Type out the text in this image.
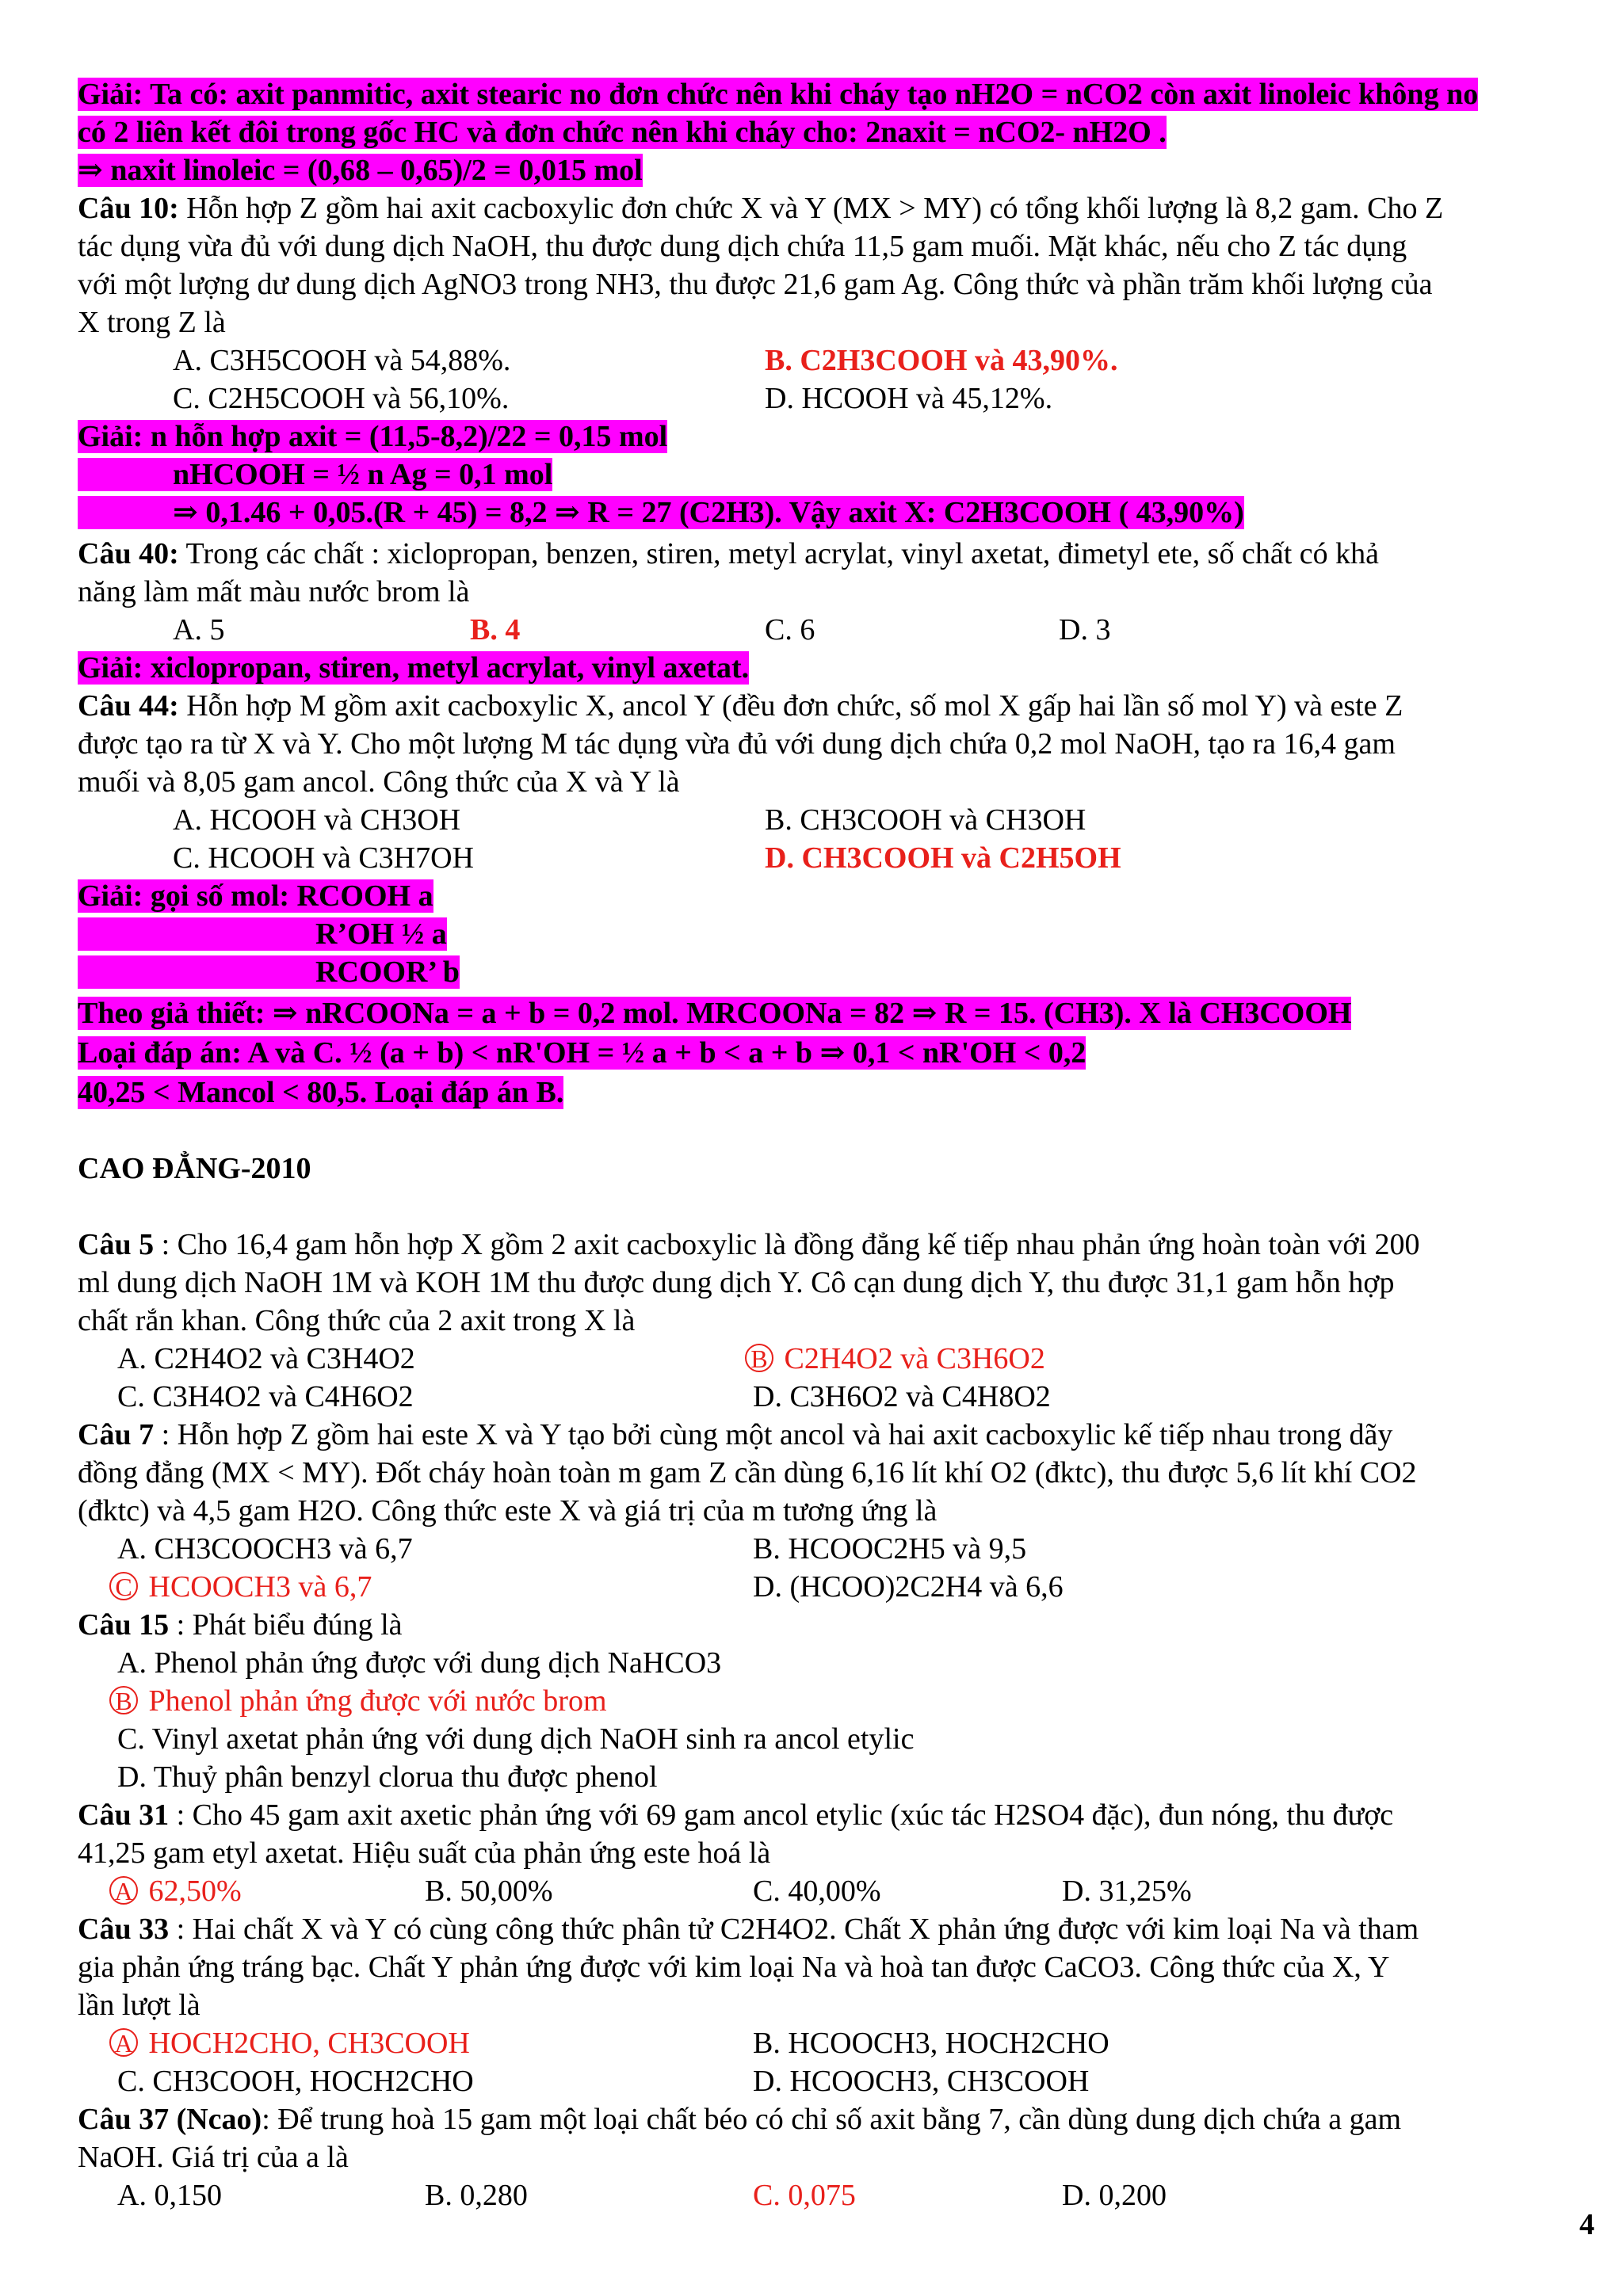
Giải: Ta có: axit panmitic, axit stearic no đơn chức nên khi cháy tạo nH2O = nCO2 còn axit linoleic không no
có 2 liên kết đôi trong gốc HC và đơn chức nên khi cháy cho: 2naxit = nCO2- nH2O .
⇒ naxit linoleic = (0,68 – 0,65)/2 = 0,015 mol
Câu 10: Hỗn hợp Z gồm hai axit cacboxylic đơn chức X và Y (MX > MY) có tổng khối lượng là 8,2 gam. Cho Z
tác dụng vừa đủ với dung dịch NaOH, thu được dung dịch chứa 11,5 gam muối. Mặt khác, nếu cho Z tác dụng
với một lượng dư dung dịch AgNO3 trong NH3, thu được 21,6 gam Ag. Công thức và phần trăm khối lượng của
X trong Z là
A. C3H5COOH và 54,88%.	B. C2H3COOH và 43,90%.
C. C2H5COOH và 56,10%.	D. HCOOH và 45,12%.
Giải: n hỗn hợp axit = (11,5-8,2)/22 = 0,15 mol
nHCOOH = ½ n Ag = 0,1 mol
⇒ 0,1.46 + 0,05.(R + 45) = 8,2 ⇒ R = 27 (C2H3). Vậy axit X: C2H3COOH ( 43,90%)
Câu 40: Trong các chất : xiclopropan, benzen, stiren, metyl acrylat, vinyl axetat, đimetyl ete, số chất có khả
năng làm mất màu nước brom là
A. 5	B. 4	C. 6	D. 3
Giải: xiclopropan, stiren, metyl acrylat, vinyl axetat.
Câu 44: Hỗn hợp M gồm axit cacboxylic X, ancol Y (đều đơn chức, số mol X gấp hai lần số mol Y) và este Z
được tạo ra từ X và Y. Cho một lượng M tác dụng vừa đủ với dung dịch chứa 0,2 mol NaOH, tạo ra 16,4 gam
muối và 8,05 gam ancol. Công thức của X và Y là
A. HCOOH và CH3OH	B. CH3COOH và CH3OH
C. HCOOH và C3H7OH	D. CH3COOH và C2H5OH
Giải: gọi số mol: RCOOH a
R’OH ½ a
RCOOR’ b
Theo giả thiết: ⇒ nRCOONa = a + b = 0,2 mol. MRCOONa = 82 ⇒ R = 15. (CH3). X là CH3COOH
Loại đáp án: A và C. ½ (a + b) < nR'OH = ½ a + b < a + b ⇒ 0,1 < nR'OH < 0,2
40,25 < Mancol < 80,5. Loại đáp án B.
CAO ĐẲNG-2010
Câu 5 : Cho 16,4 gam hỗn hợp X gồm 2 axit cacboxylic là đồng đẳng kế tiếp nhau phản ứng hoàn toàn với 200
ml dung dịch NaOH 1M và KOH 1M thu được dung dịch Y. Cô cạn dung dịch Y, thu được 31,1 gam hỗn hợp
chất rắn khan. Công thức của 2 axit trong X là
A. C2H4O2 và C3H4O2	B C2H4O2 và C3H6O2
C. C3H4O2 và C4H6O2	D. C3H6O2 và C4H8O2
Câu 7 : Hỗn hợp Z gồm hai este X và Y tạo bởi cùng một ancol và hai axit cacboxylic kế tiếp nhau trong dãy
đồng đẳng (MX < MY). Đốt cháy hoàn toàn m gam Z cần dùng 6,16 lít khí O2 (đktc), thu được 5,6 lít khí CO2
(đktc) và 4,5 gam H2O. Công thức este X và giá trị của m tương ứng là
A. CH3COOCH3 và 6,7	B. HCOOC2H5 và 9,5
C HCOOCH3 và 6,7	D. (HCOO)2C2H4 và 6,6
Câu 15 : Phát biểu đúng là
A. Phenol phản ứng được với dung dịch NaHCO3
B Phenol phản ứng được với nước brom
C. Vinyl axetat phản ứng với dung dịch NaOH sinh ra ancol etylic
D. Thuỷ phân benzyl clorua thu được phenol
Câu 31 : Cho 45 gam axit axetic phản ứng với 69 gam ancol etylic (xúc tác H2SO4 đặc), đun nóng, thu được
41,25 gam etyl axetat. Hiệu suất của phản ứng este hoá là
A 62,50%	B. 50,00%	C. 40,00%	D. 31,25%
Câu 33 : Hai chất X và Y có cùng công thức phân tử C2H4O2. Chất X phản ứng được với kim loại Na và tham
gia phản ứng tráng bạc. Chất Y phản ứng được với kim loại Na và hoà tan được CaCO3. Công thức của X, Y
lần lượt là
A HOCH2CHO, CH3COOH	B. HCOOCH3, HOCH2CHO
C. CH3COOH, HOCH2CHO	D. HCOOCH3, CH3COOH
Câu 37 (Ncao): Để trung hoà 15 gam một loại chất béo có chỉ số axit bằng 7, cần dùng dung dịch chứa a gam
NaOH. Giá trị của a là
A. 0,150	B. 0,280	C. 0,075	D. 0,200
4
